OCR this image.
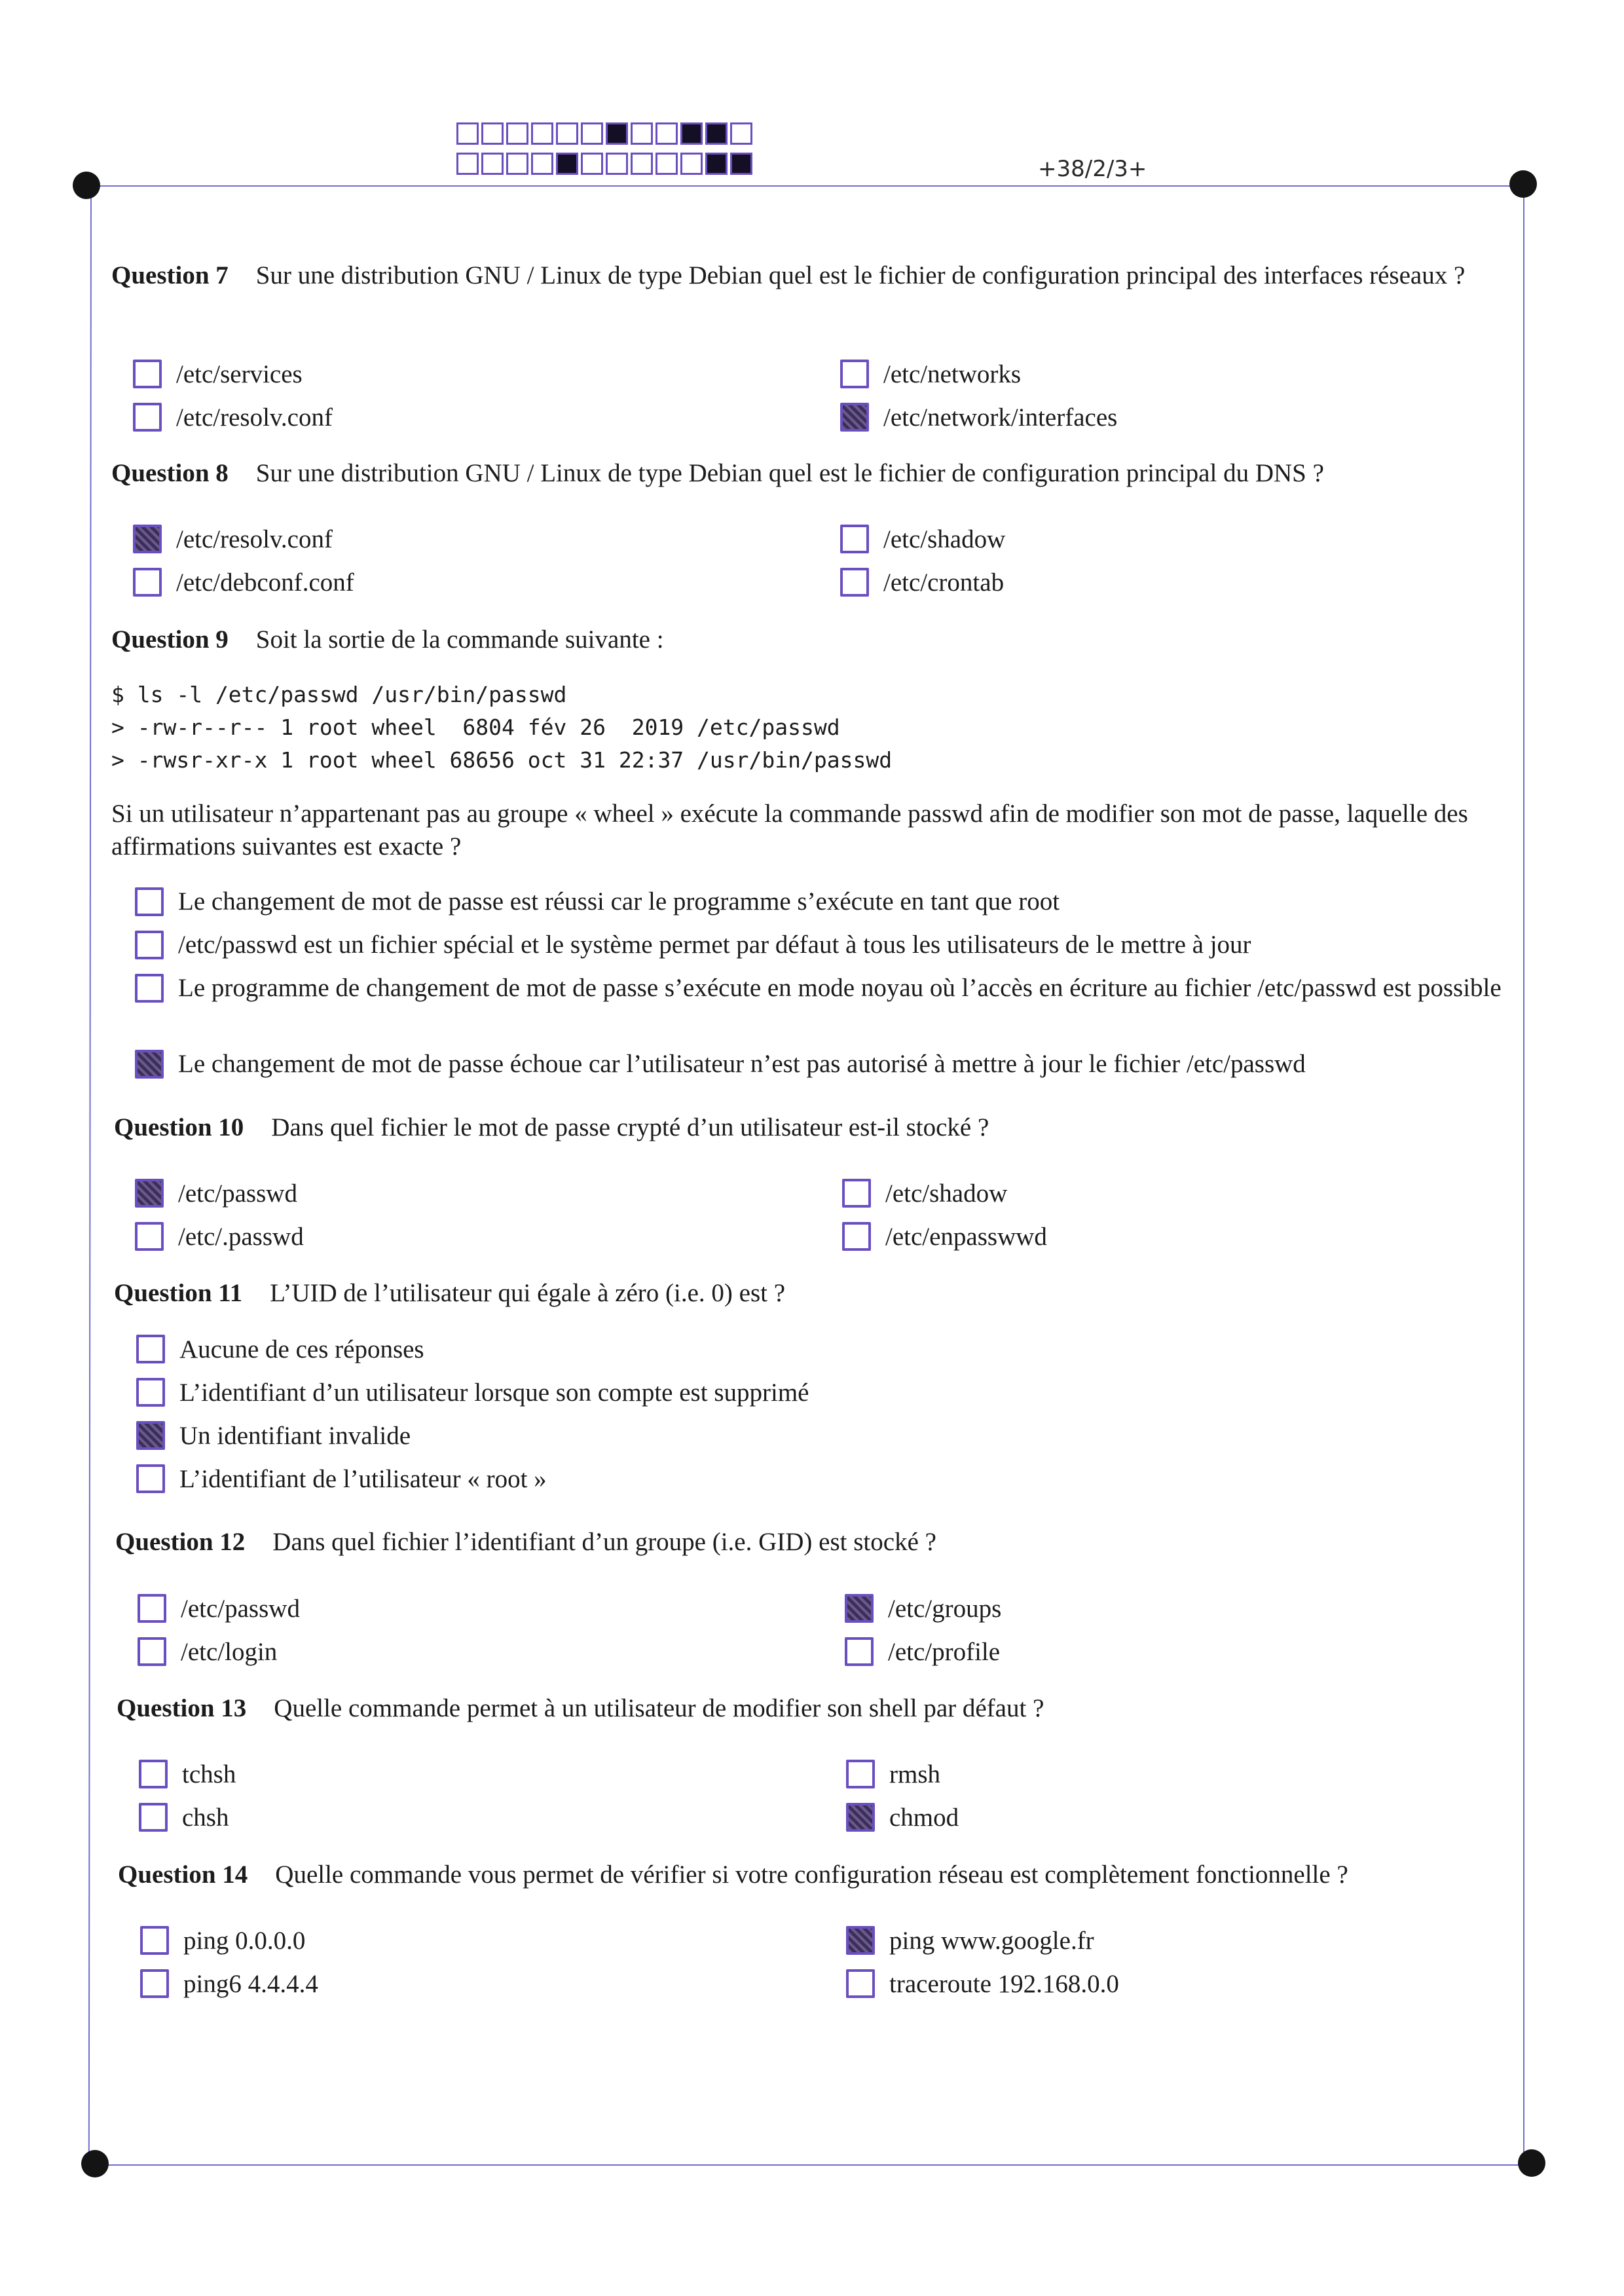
+38/2/3+
Question 7 Sur une distribution GNU / Linux de type Debian quel est le fichier de configuration principal des interfaces réseaux ?
/etc/services
/etc/resolv.conf
/etc/networks
/etc/network/interfaces
Question 8 Sur une distribution GNU / Linux de type Debian quel est le fichier de configuration principal du DNS ?
/etc/resolv.conf
/etc/debconf.conf
/etc/shadow
/etc/crontab
Question 9 Soit la sortie de la commande suivante :
$ ls -l /etc/passwd /usr/bin/passwd
> -rw-r--r-- 1 root wheel  6804 fév 26  2019 /etc/passwd
> -rwsr-xr-x 1 root wheel 68656 oct 31 22:37 /usr/bin/passwd
Si un utilisateur n’appartenant pas au groupe « wheel » exécute la commande passwd afin de modifier son mot de passe, laquelle des affirmations suivantes est exacte ?
Le changement de mot de passe est réussi car le programme s’exécute en tant que root
/etc/passwd est un fichier spécial et le système permet par défaut à tous les utilisateurs de le mettre à jour
Le programme de changement de mot de passe s’exécute en mode noyau où l’accès en écriture au fichier /etc/passwd est possible
Le changement de mot de passe échoue car l’utilisateur n’est pas autorisé à mettre à jour le fichier /etc/passwd
Question 10 Dans quel fichier le mot de passe crypté d’un utilisateur est-il stocké ?
/etc/passwd
/etc/.passwd
/etc/shadow
/etc/enpasswwd
Question 11 L’UID de l’utilisateur qui égale à zéro (i.e. 0) est ?
Aucune de ces réponses
L’identifiant d’un utilisateur lorsque son compte est supprimé
Un identifiant invalide
L’identifiant de l’utilisateur « root »
Question 12 Dans quel fichier l’identifiant d’un groupe (i.e. GID) est stocké ?
/etc/passwd
/etc/login
/etc/groups
/etc/profile
Question 13 Quelle commande permet à un utilisateur de modifier son shell par défaut ?
tchsh
chsh
rmsh
chmod
Question 14 Quelle commande vous permet de vérifier si votre configuration réseau est complètement fonctionnelle ?
ping 0.0.0.0
ping6 4.4.4.4
ping www.google.fr
traceroute 192.168.0.0
